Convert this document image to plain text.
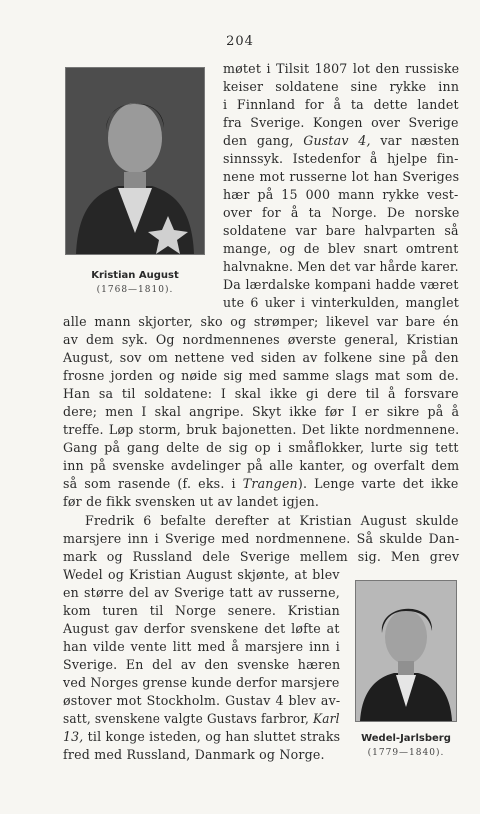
204
Kristian August
(1768—1810).
Wedel-Jarlsberg
(1779—1840).
møtet i Tilsit 1807 lot den russiske
keiser soldatene sine rykke inn
i Finnland for å ta dette landet
fra Sverige. Kongen over Sverige
den gang, Gustav 4, var næsten
sinnssyk. Istedenfor å hjelpe fin-
nene mot russerne lot han Sveriges
hær på 15 000 mann rykke vest-
over for å ta Norge. De norske
soldatene var bare halvparten så
mange, og de blev snart omtrent
halvnakne. Men det var hårde karer.
Da lærdalske kompani hadde været
ute 6 uker i vinterkulden, manglet
alle mann skjorter, sko og strømper; likevel var bare én
av dem syk. Og nordmennenes øverste general, Kristian
August, sov om nettene ved siden av folkene sine på den
frosne jorden og nøide sig med samme slags mat som de.
Han sa til soldatene: I skal ikke gi dere til å forsvare
dere; men I skal angripe. Skyt ikke før I er sikre på å
treffe. Løp storm, bruk bajonetten. Det likte nordmennene.
Gang på gang delte de sig op i småflokker, lurte sig tett
inn på svenske avdelinger på alle kanter, og overfalt dem
så som rasende (f. eks. i Trangen). Lenge varte det ikke
før de fikk svensken ut av landet igjen.
Fredrik 6 befalte derefter at Kristian August skulde
marsjere inn i Sverige med nordmennene. Så skulde Dan-
mark og Russland dele Sverige mellem sig. Men grev
Wedel og Kristian August skjønte, at blev
en større del av Sverige tatt av russerne,
kom turen til Norge senere. Kristian
August gav derfor svenskene det løfte at
han vilde vente litt med å marsjere inn i
Sverige. En del av den svenske hæren
ved Norges grense kunde derfor marsjere
østover mot Stockholm. Gustav 4 blev av-
satt, svenskene valgte Gustavs farbror, Karl
13, til konge isteden, og han sluttet straks
fred med Russland, Danmark og Norge.
